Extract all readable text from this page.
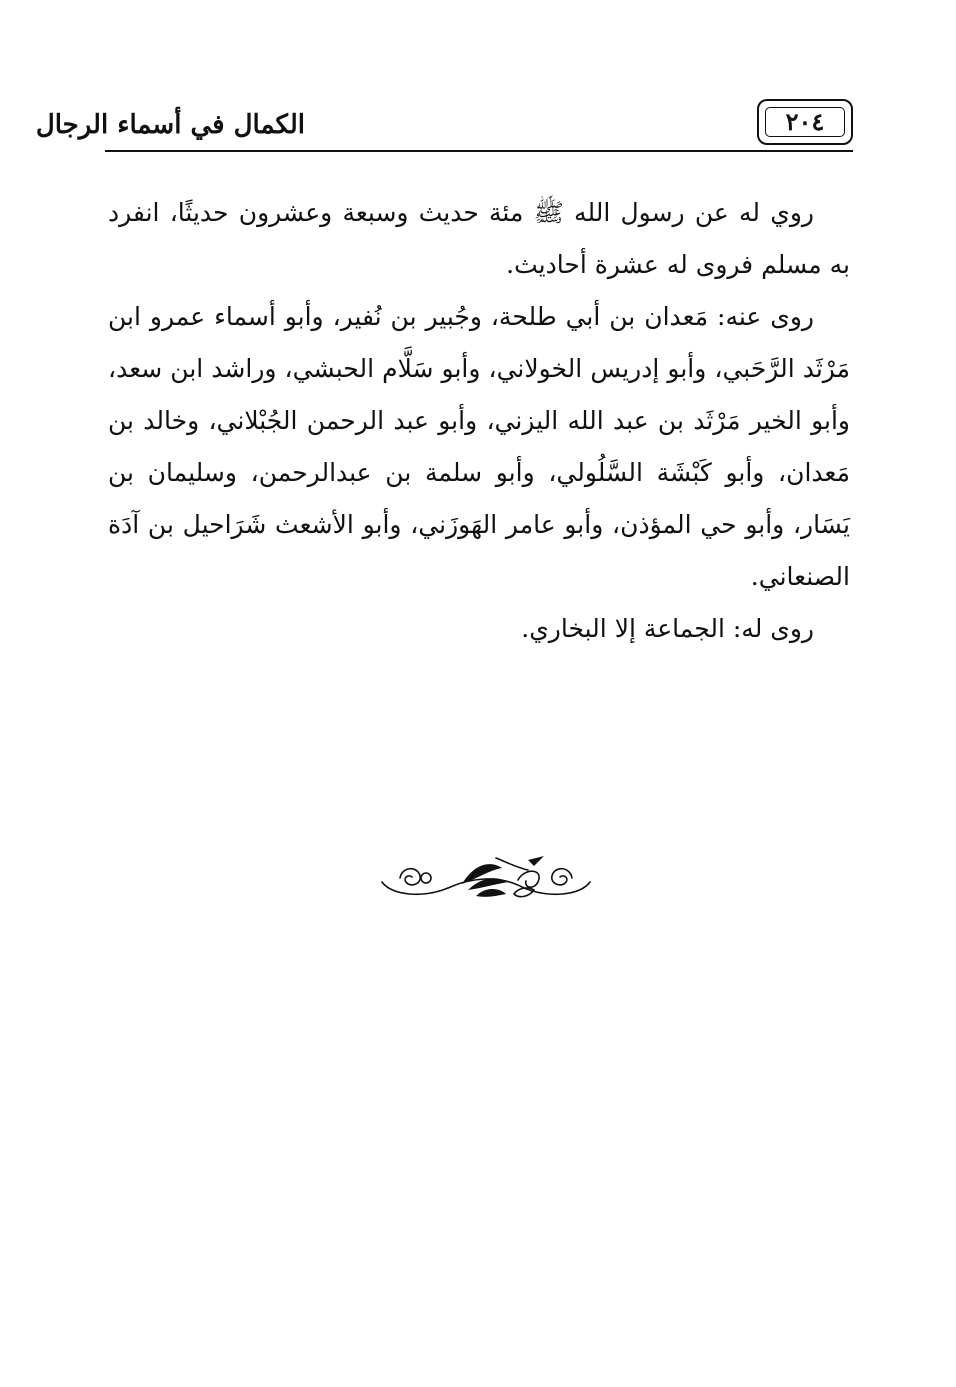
الكمال في أسماء الرجال	٢٠٤

روي له عن رسول الله ﷺ مئة حديث وسبعة وعشرون حديثًا، انفرد به مسلم فروى له عشرة أحاديث.

روى عنه: مَعدان بن أبي طلحة، وجُبير بن نُفير، وأبو أسماء عمرو ابن مَرْثَد الرَّحَبي، وأبو إدريس الخولاني، وأبو سَلَّام الحبشي، وراشد ابن سعد، وأبو الخير مَرْثَد بن عبد الله اليزني، وأبو عبد الرحمن الجُبْلاني، وخالد بن مَعدان، وأبو كَبْشَة السَّلُولي، وأبو سلمة بن عبدالرحمن، وسليمان بن يَسَار، وأبو حي المؤذن، وأبو عامر الهَوزَني، وأبو الأشعث شَرَاحيل بن آدَة الصنعاني.

روى له: الجماعة إلا البخاري.
